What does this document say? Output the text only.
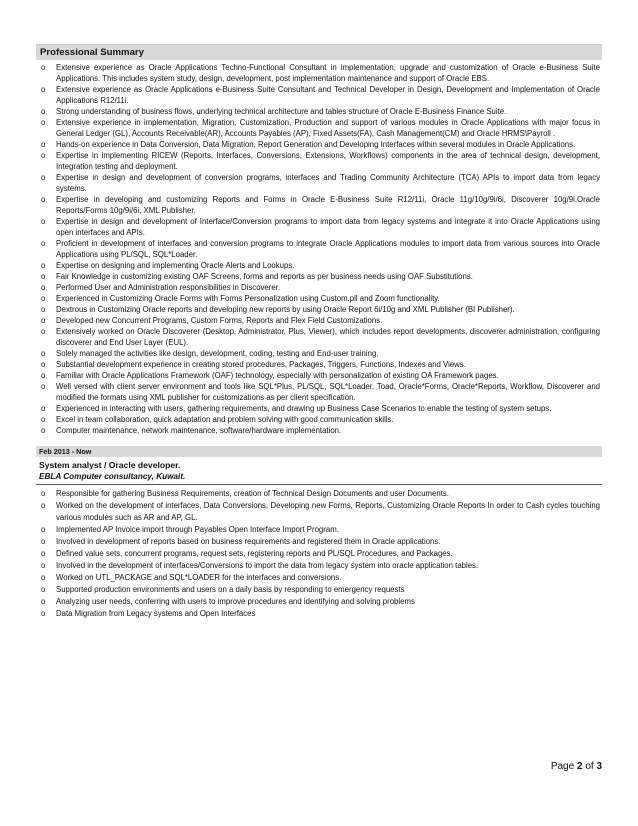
Professional Summary
o Extensive experience as Oracle Applications Techno-Functional Consultant in implementation, upgrade and customization of Oracle e-Business Suite Applications. This includes system study, design, development, post implementation maintenance and support of Oracle EBS.
o Extensive experience as Oracle Applications e-Business Suite Consultant and Technical Developer in Design, Development and Implementation of Oracle Applications R12/11i.
o Strong understanding of business flows, underlying technical architecture and tables structure of Oracle E-Business Finance Suite.
o Extensive experience in implementation, Migration, Customization, Production and support of various modules in Oracle Applications with major focus in General Ledger (GL), Accounts Receivable(AR), Accounts Payables (AP), Fixed Assets(FA), Cash Management(CM) and Oracle HRMS\Payroll .
o Hands-on experience in Data Conversion, Data Migration, Report Generation and Developing Interfaces within several modules in Oracle Applications.
o Expertise in implementing RICEW (Reports, Interfaces, Conversions, Extensions, Workflows) components in the area of technical design, development, Integration testing and deployment.
o Expertise in design and development of conversion programs, interfaces and Trading Community Architecture (TCA) APIs to import data from legacy systems.
o Expertise in developing and customizing Reports and Forms in Oracle E-Business Suite R12/11i, Oracle 11g/10g/9i/6i, Discoverer 10g/9i,Oracle Reports/Forms 10g/9i/6i, XML Publisher.
o Expertise in design and development of Interface/Conversion programs to import data from legacy systems and integrate it into Oracle Applications using open interfaces and APIs.
o Proficient in development of interfaces and conversion programs to integrate Oracle Applications modules to import data from various sources into Oracle Applications using PL/SQL, SQL*Loader.
o Expertise on designing and implementing Oracle Alerts and Lookups.
o Fair Knowledge in customizing existing OAF Screens, forms and reports as per business needs using OAF Substitutions.
o Performed User and Administration responsibilities in Discoverer.
o Experienced in Customizing Oracle Forms with Forms Personalization using Custom.pll and Zoom functionality.
o Dextrous in Customizing Oracle reports and developing new reports by using Oracle Report 6i/10g and XML Publisher (BI Publisher).
o Developed new Concurrent Programs, Custom Forms, Reports and Flex Field Customizations.
o Extensively worked on Oracle Discoverer (Desktop, Administrator, Plus, Viewer), which includes report developments, discoverer administration, configuring discoverer and End User Layer (EUL).
o Solely managed the activities like design, development, coding, testing and End-user training.
o Substantial development experience in creating stored procedures, Packages, Triggers, Functions, Indexes and Views.
o Familiar with Oracle Applications Framework (OAF) technology, especially with personalization of existing OA Framework pages.
o Well versed with client server environment and tools like SQL*Plus, PL/SQL, SQL*Loader, Toad, Oracle*Forms, Oracle*Reports, Workflow, Discoverer and modified the formats using XML publisher for customizations as per client specification.
o Experienced in interacting with users, gathering requirements, and drawing up Business Case Scenarios to enable the testing of system setups.
o Excel in team collaboration, quick adaptation and problem solving with good communication skills.
o Computer maintenance, network maintenance, software/hardware implementation.
Feb 2013 - Now
System analyst / Oracle developer.
EBLA Computer consultancy, Kuwait.
o Responsible for gathering Business Requirements, creation of Technical Design Documents and user Documents.
o Worked on the development of interfaces, Data Conversions, Developing new Forms, Reports, Customizing Oracle Reports In order to Cash cycles touching various modules such as AR and AP, GL.
o Implemented AP Invoice import through Payables Open Interface Import Program.
o Involved in development of reports based on business requirements and registered them in Oracle applications.
o Defined value sets, concurrent programs, request sets, registering reports and PL/SQL Procedures, and Packages.
o Involved in the development of interfaces/Conversions to import the data from legacy system into oracle application tables.
o Worked on UTL_PACKAGE and SQL*LOADER for the interfaces and conversions.
o Supported production environments and users on a daily basis by responding to emergency requests
o Analyzing user needs, conferring with users to improve procedures and identifying and solving problems
o Data Migration from Legacy systems and Open Interfaces
Page 2 of 3
